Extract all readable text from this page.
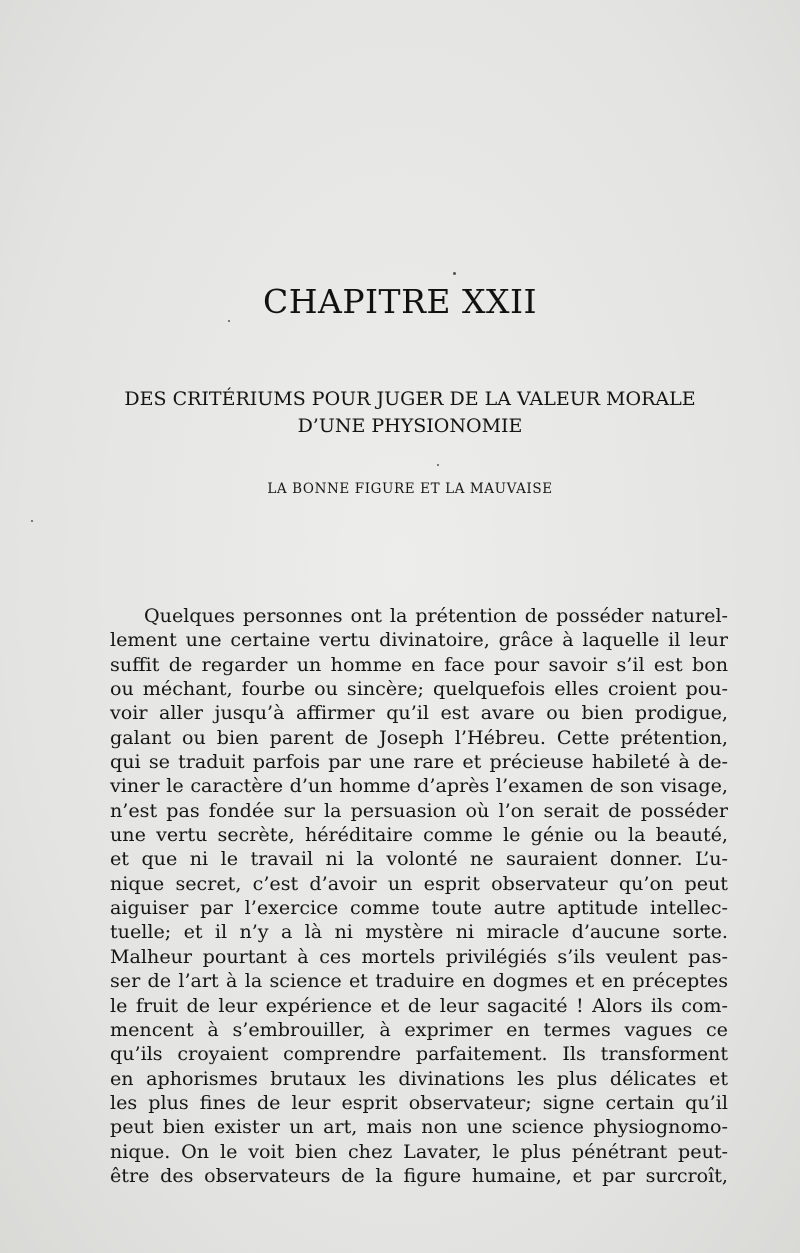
CHAPITRE XXII
DES CRITÉRIUMS POUR JUGER DE LA VALEUR MORALE
D’UNE PHYSIONOMIE
LA BONNE FIGURE ET LA MAUVAISE
Quelques personnes ont la prétention de posséder naturel-
lement une certaine vertu divinatoire, grâce à laquelle il leur
suffit de regarder un homme en face pour savoir s’il est bon
ou méchant, fourbe ou sincère; quelquefois elles croient pou-
voir aller jusqu’à affirmer qu’il est avare ou bien prodigue,
galant ou bien parent de Joseph l’Hébreu. Cette prétention,
qui se traduit parfois par une rare et précieuse habileté à de-
viner le caractère d’un homme d’après l’examen de son visage,
n’est pas fondée sur la persuasion où l’on serait de posséder
une vertu secrète, héréditaire comme le génie ou la beauté,
et que ni le travail ni la volonté ne sauraient donner. L’u-
nique secret, c’est d’avoir un esprit observateur qu’on peut
aiguiser par l’exercice comme toute autre aptitude intellec-
tuelle; et il n’y a là ni mystère ni miracle d’aucune sorte.
Malheur pourtant à ces mortels privilégiés s’ils veulent pas-
ser de l’art à la science et traduire en dogmes et en préceptes
le fruit de leur expérience et de leur sagacité ! Alors ils com-
mencent à s’embrouiller, à exprimer en termes vagues ce
qu’ils croyaient comprendre parfaitement. Ils transforment
en aphorismes brutaux les divinations les plus délicates et
les plus fines de leur esprit observateur; signe certain qu’il
peut bien exister un art, mais non une science physiognomo-
nique. On le voit bien chez Lavater, le plus pénétrant peut-
être des observateurs de la figure humaine, et par surcroît,
